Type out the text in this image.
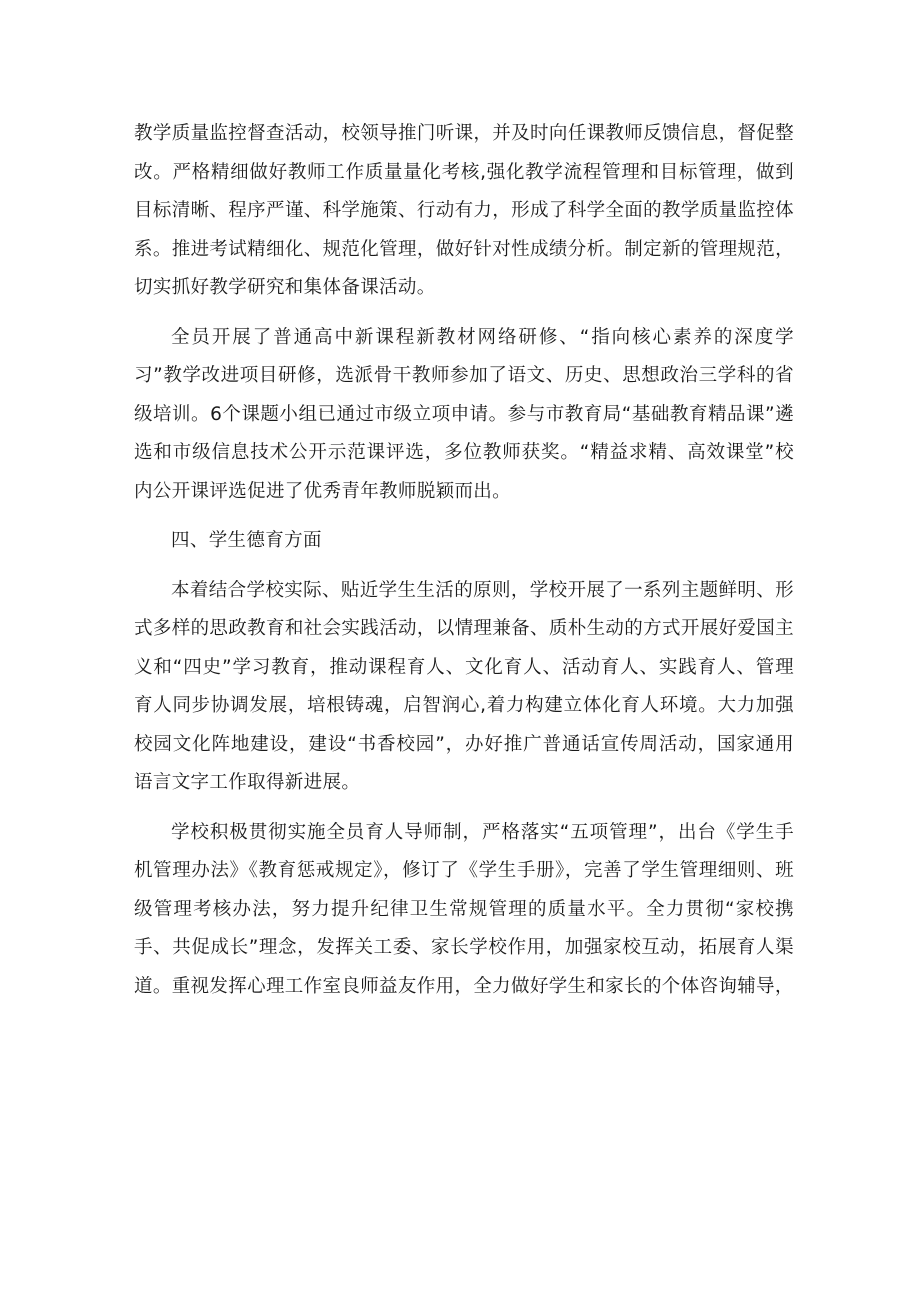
教学质量监控督查活动，校领导推门听课，并及时向任课教师反馈信息，督促整改。严格精细做好教师工作质量量化考核,强化教学流程管理和目标管理，做到目标清晰、程序严谨、科学施策、行动有力，形成了科学全面的教学质量监控体系。推进考试精细化、规范化管理，做好针对性成绩分析。制定新的管理规范，切实抓好教学研究和集体备课活动。

全员开展了普通高中新课程新教材网络研修、“指向核心素养的深度学习”教学改进项目研修，选派骨干教师参加了语文、历史、思想政治三学科的省级培训。6个课题小组已通过市级立项申请。参与市教育局“基础教育精品课”遴选和市级信息技术公开示范课评选，多位教师获奖。“精益求精、高效课堂”校内公开课评选促进了优秀青年教师脱颖而出。

四、学生德育方面

本着结合学校实际、贴近学生生活的原则，学校开展了一系列主题鲜明、形式多样的思政教育和社会实践活动，以情理兼备、质朴生动的方式开展好爱国主义和“四史”学习教育，推动课程育人、文化育人、活动育人、实践育人、管理育人同步协调发展，培根铸魂，启智润心,着力构建立体化育人环境。大力加强校园文化阵地建设，建设“书香校园”，办好推广普通话宣传周活动，国家通用语言文字工作取得新进展。

学校积极贯彻实施全员育人导师制，严格落实“五项管理”，出台《学生手机管理办法》《教育惩戒规定》，修订了《学生手册》，完善了学生管理细则、班级管理考核办法，努力提升纪律卫生常规管理的质量水平。全力贯彻“家校携手、共促成长”理念，发挥关工委、家长学校作用，加强家校互动，拓展育人渠道。重视发挥心理工作室良师益友作用，全力做好学生和家长的个体咨询辅导，
